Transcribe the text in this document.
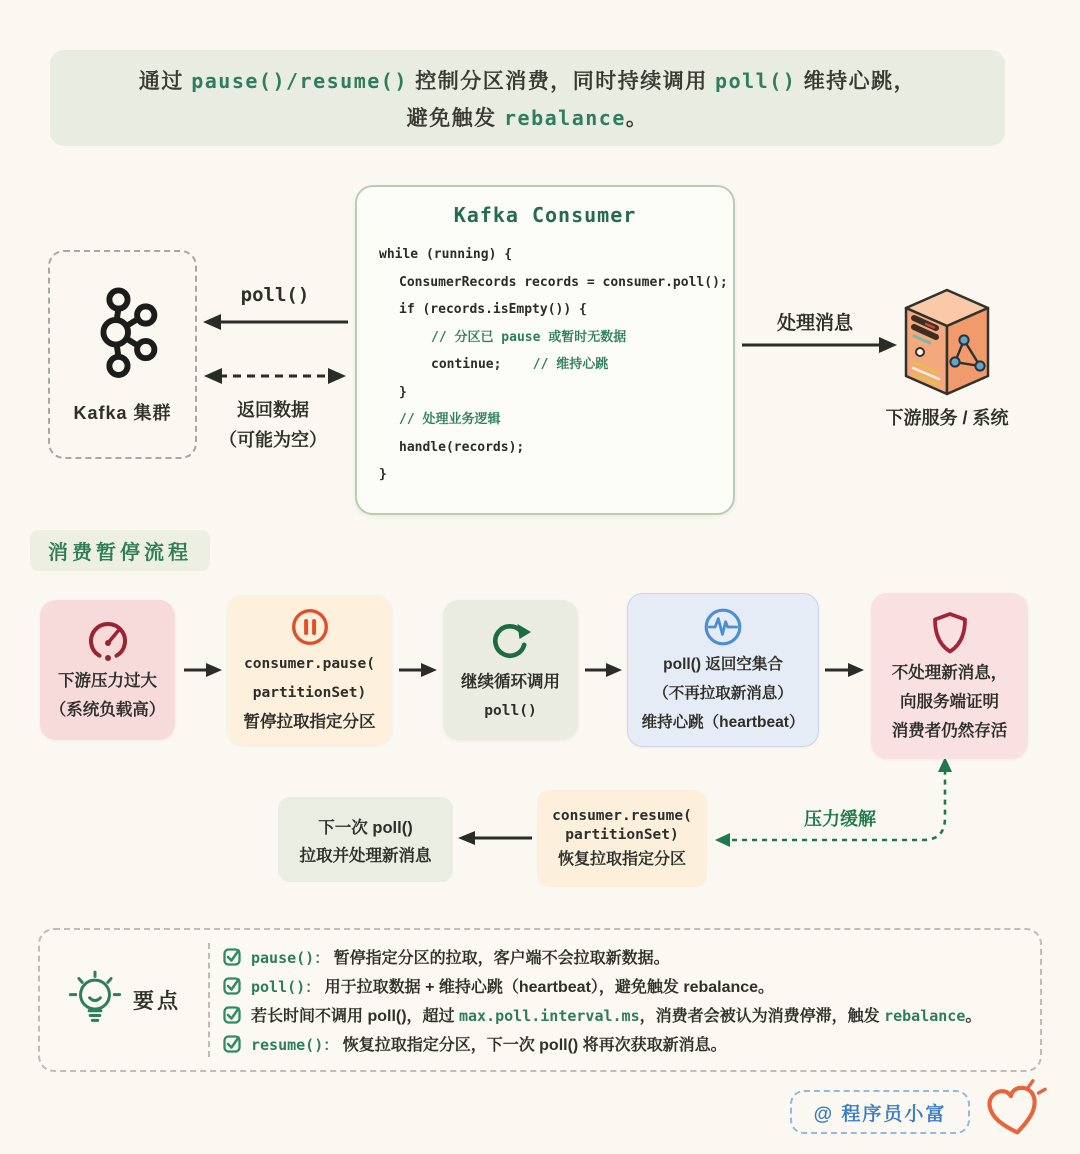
通过 pause()/resume() 控制分区消费，同时持续调用 poll() 维持心跳，
避免触发 rebalance。
Kafka 集群
poll()
返回数据
（可能为空）
Kafka Consumer
while (running) {
ConsumerRecords records = consumer.poll();
if (records.isEmpty()) {
// 分区已 pause 或暂时无数据
continue;    // 维持心跳
}
// 处理业务逻辑
handle(records);
}
处理消息
下游服务 / 系统
消费暂停流程
下游压力过大
（系统负载高）
consumer.pause(
partitionSet)
暂停拉取指定分区
继续循环调用
poll()
poll() 返回空集合
（不再拉取新消息）
维持心跳（heartbeat）
不处理新消息，
向服务端证明
消费者仍然存活
下一次 poll()
拉取并处理新消息
consumer.resume(
partitionSet)
恢复拉取指定分区
压力缓解
要点
pause()： 暂停指定分区的拉取，客户端不会拉取新数据。
poll()： 用于拉取数据 + 维持心跳（heartbeat），避免触发 rebalance。
若长时间不调用 poll()，超过 max.poll.interval.ms，消费者会被认为消费停滞，触发 rebalance。
resume()： 恢复拉取指定分区，下一次 poll() 将再次获取新消息。
@ 程序员小富
